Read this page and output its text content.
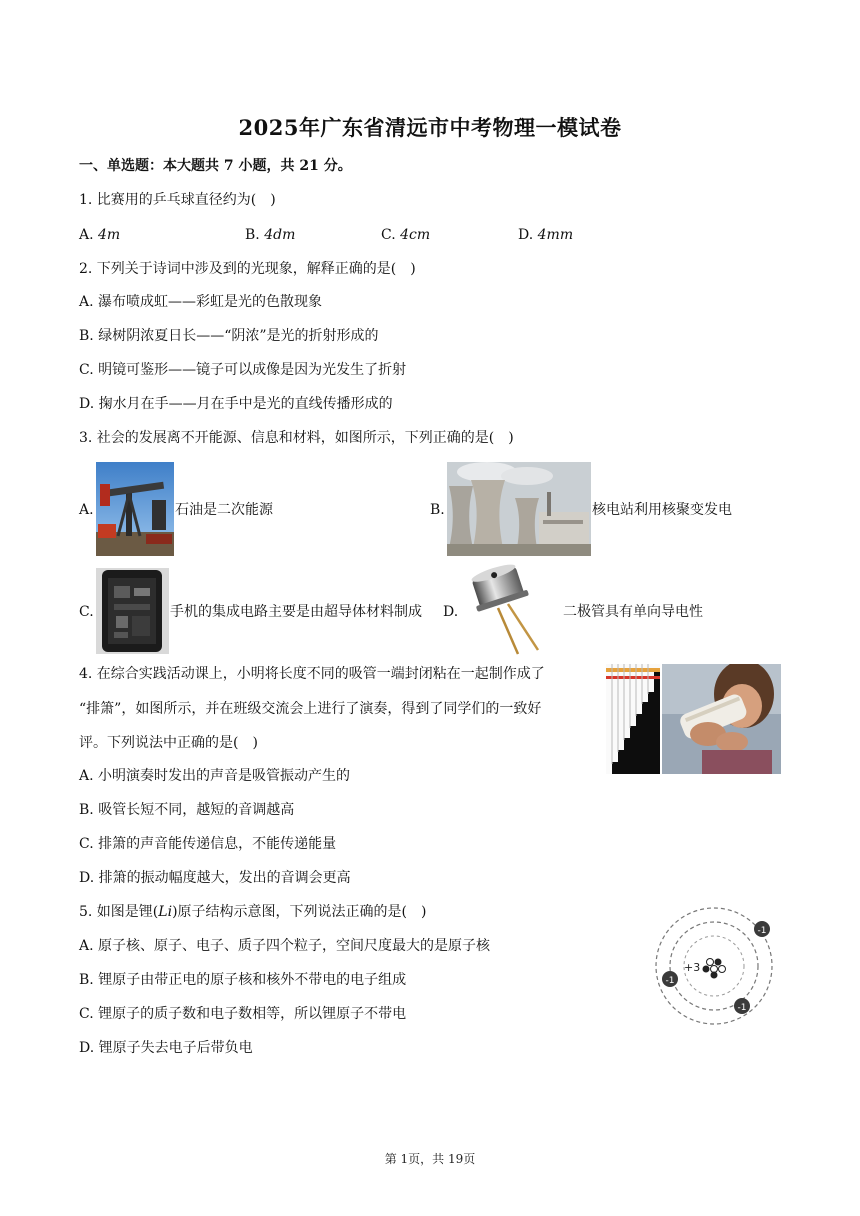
2025年广东省清远市中考物理一模试卷
一、单选题：本大题共 7 小题，共 21 分。
1. 比赛用的乒乓球直径约为(　)
A. 4m	B. 4dm	C. 4cm	D. 4mm
2. 下列关于诗词中涉及到的光现象，解释正确的是(　)
A. 瀑布喷成虹——彩虹是光的色散现象
B. 绿树阴浓夏日长——“阴浓”是光的折射形成的
C. 明镜可鉴形——镜子可以成像是因为光发生了折射
D. 掬水月在手——月在手中是光的直线传播形成的
3. 社会的发展离不开能源、信息和材料，如图所示，下列正确的是(　)
A.	石油是二次能源	B.	核电站利用核聚变发电
C.	手机的集成电路主要是由超导体材料制成 D.	二极管具有单向导电性
4. 在综合实践活动课上，小明将长度不同的吸管一端封闭粘在一起制作成了
“排箫”，如图所示，并在班级交流会上进行了演奏，得到了同学们的一致好
评。下列说法中正确的是(　)
A. 小明演奏时发出的声音是吸管振动产生的
B. 吸管长短不同，越短的音调越高
C. 排箫的声音能传递信息，不能传递能量
D. 排箫的振动幅度越大，发出的音调会更高
5. 如图是锂(Li)原子结构示意图，下列说法正确的是(　)
A. 原子核、原子、电子、质子四个粒子，空间尺度最大的是原子核
B. 锂原子由带正电的原子核和核外不带电的电子组成
C. 锂原子的质子数和电子数相等，所以锂原子不带电
D. 锂原子失去电子后带负电
+3
-1
-1
-1
第 1页，共 19页
